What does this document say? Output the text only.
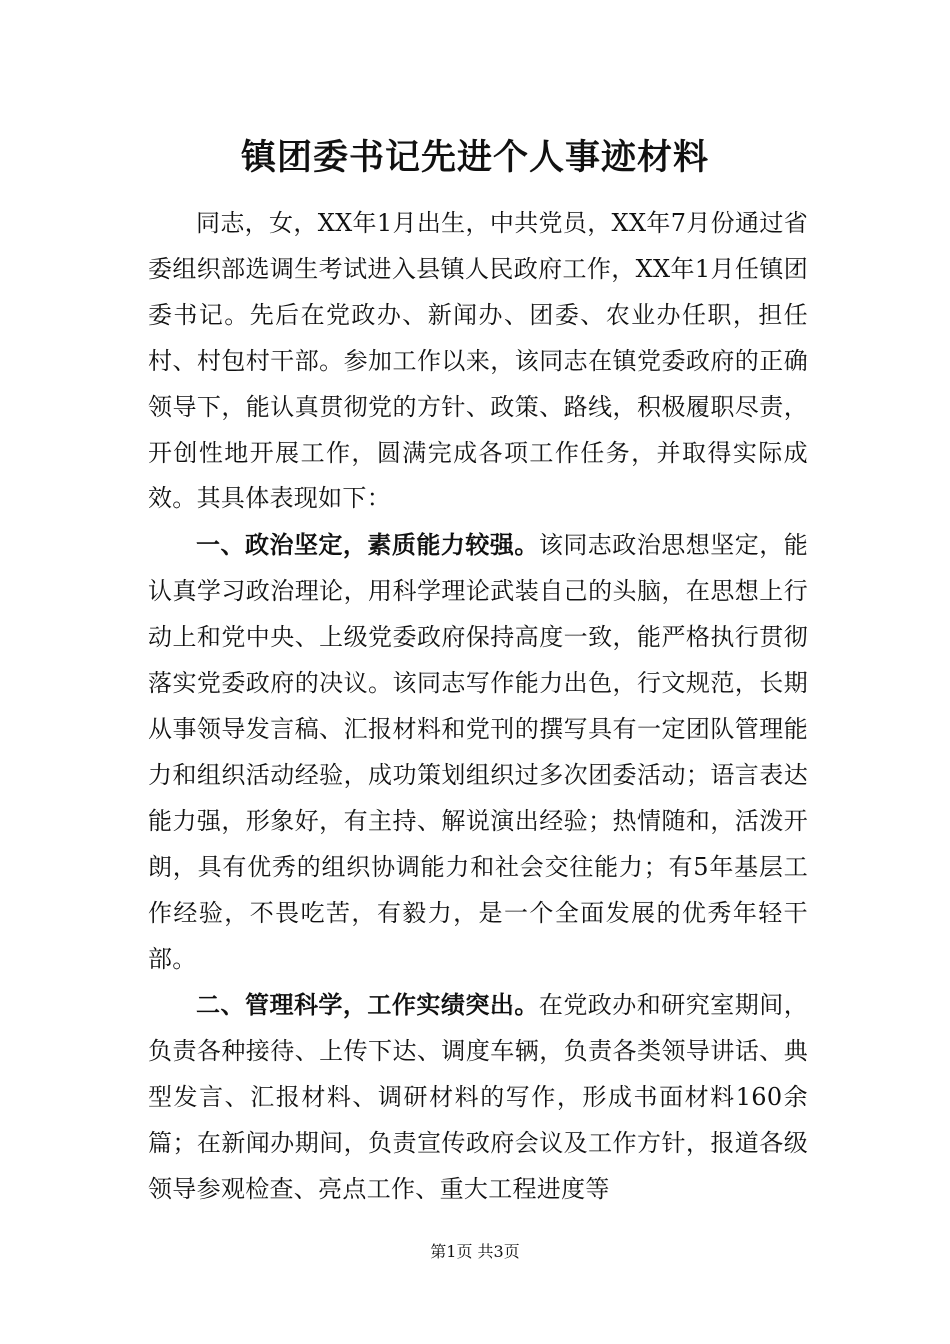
镇团委书记先进个人事迹材料

同志，女，XX年1月出生，中共党员，XX年7月份通过省委组织部选调生考试进入县镇人民政府工作，XX年1月任镇团委书记。先后在党政办、新闻办、团委、农业办任职，担任村、村包村干部。参加工作以来，该同志在镇党委政府的正确领导下，能认真贯彻党的方针、政策、路线，积极履职尽责，开创性地开展工作，圆满完成各项工作任务，并取得实际成效。其具体表现如下：

一、政治坚定，素质能力较强。该同志政治思想坚定，能认真学习政治理论，用科学理论武装自己的头脑，在思想上行动上和党中央、上级党委政府保持高度一致，能严格执行贯彻落实党委政府的决议。该同志写作能力出色，行文规范，长期从事领导发言稿、汇报材料和党刊的撰写具有一定团队管理能力和组织活动经验，成功策划组织过多次团委活动；语言表达能力强，形象好，有主持、解说演出经验；热情随和，活泼开朗，具有优秀的组织协调能力和社会交往能力；有5年基层工作经验，不畏吃苦，有毅力，是一个全面发展的优秀年轻干部。

二、管理科学，工作实绩突出。在党政办和研究室期间，负责各种接待、上传下达、调度车辆，负责各类领导讲话、典型发言、汇报材料、调研材料的写作，形成书面材料160余篇；在新闻办期间，负责宣传政府会议及工作方针，报道各级领导参观检查、亮点工作、重大工程进度等

第1页 共3页
